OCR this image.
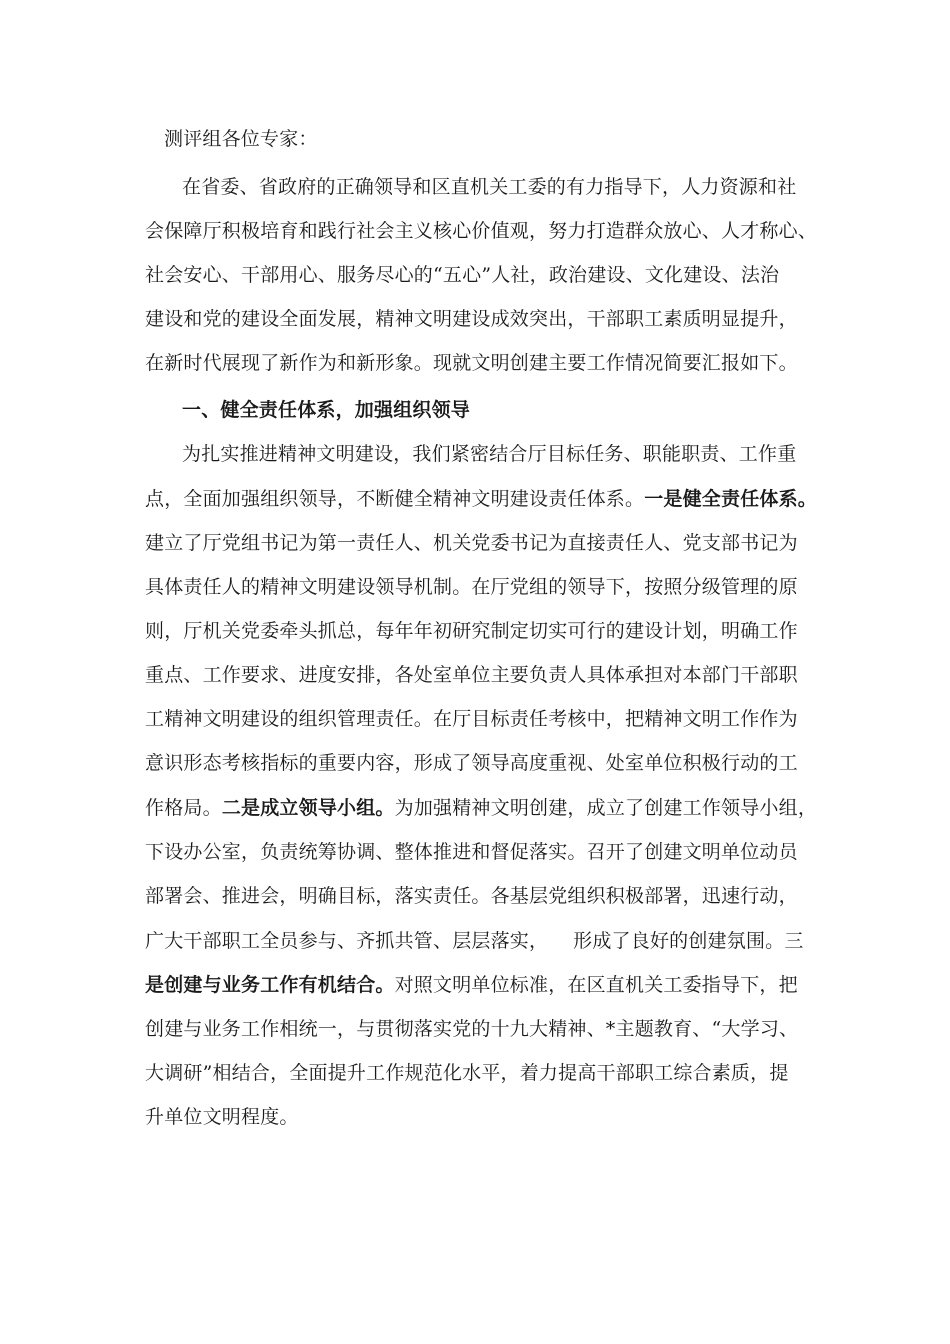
测评组各位专家：
在省委、省政府的正确领导和区直机关工委的有力指导下，人力资源和社
会保障厅积极培育和践行社会主义核心价值观，努力打造群众放心、人才称心、
社会安心、干部用心、服务尽心的“五心”人社，政治建设、文化建设、法治
建设和党的建设全面发展，精神文明建设成效突出，干部职工素质明显提升，
在新时代展现了新作为和新形象。现就文明创建主要工作情况简要汇报如下。
一、健全责任体系，加强组织领导
为扎实推进精神文明建设，我们紧密结合厅目标任务、职能职责、工作重
点，全面加强组织领导，不断健全精神文明建设责任体系。一是健全责任体系。
建立了厅党组书记为第一责任人、机关党委书记为直接责任人、党支部书记为
具体责任人的精神文明建设领导机制。在厅党组的领导下，按照分级管理的原
则，厅机关党委牵头抓总，每年年初研究制定切实可行的建设计划，明确工作
重点、工作要求、进度安排，各处室单位主要负责人具体承担对本部门干部职
工精神文明建设的组织管理责任。在厅目标责任考核中，把精神文明工作作为
意识形态考核指标的重要内容，形成了领导高度重视、处室单位积极行动的工
作格局。二是成立领导小组。为加强精神文明创建，成立了创建工作领导小组，
下设办公室，负责统筹协调、整体推进和督促落实。召开了创建文明单位动员
部署会、推进会，明确目标，落实责任。各基层党组织积极部署，迅速行动，
广大干部职工全员参与、齐抓共管、层层落实，    形成了良好的创建氛围。三
是创建与业务工作有机结合。对照文明单位标准，在区直机关工委指导下，把
创建与业务工作相统一，与贯彻落实党的十九大精神、*主题教育、“大学习、
大调研”相结合，全面提升工作规范化水平，着力提高干部职工综合素质，提
升单位文明程度。
